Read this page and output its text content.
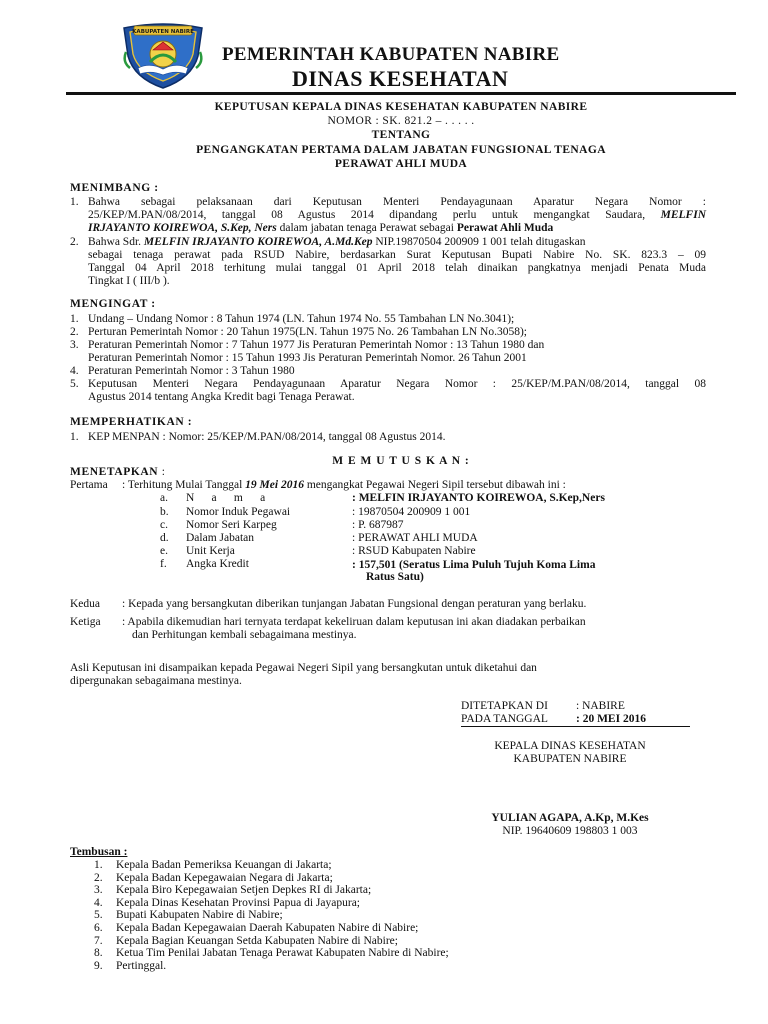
KABUPATEN NABIRE
PEMERINTAH KABUPATEN NABIRE
DINAS KESEHATAN
KEPUTUSAN KEPALA DINAS KESEHATAN KABUPATEN NABIRE
NOMOR : SK. 821.2 – . . . . .
TENTANG
PENGANGKATAN PERTAMA DALAM JABATAN FUNGSIONAL TENAGA
PERAWAT AHLI MUDA
MENIMBANG :
1. Bahwa sebagai pelaksanaan dari Keputusan Menteri Pendayagunaan Aparatur Negara Nomor :
25/KEP/M.PAN/08/2014, tanggal 08 Agustus 2014 dipandang perlu untuk mengangkat Saudara, MELFIN
IRJAYANTO KOIREWOA, S.Kep, Ners dalam jabatan tenaga Perawat sebagai Perawat Ahli Muda
2. Bahwa Sdr. MELFIN IRJAYANTO KOIREWOA, A.Md.Kep NIP.19870504 200909 1 001 telah ditugaskan
sebagai tenaga perawat pada RSUD Nabire, berdasarkan Surat Keputusan Bupati Nabire No. SK. 823.3 – 09
Tanggal 04 April 2018 terhitung mulai tanggal 01 April 2018 telah dinaikan pangkatnya menjadi Penata Muda
Tingkat I ( III/b ).
MENGINGAT :
1. Undang – Undang Nomor : 8 Tahun 1974 (LN. Tahun 1974 No. 55 Tambahan LN No.3041);
2. Perturan Pemerintah Nomor : 20 Tahun 1975(LN. Tahun 1975 No. 26 Tambahan LN No.3058);
3. Peraturan Pemerintah Nomor : 7 Tahun 1977 Jis Peraturan Pemerintah Nomor : 13 Tahun 1980 dan
Peraturan Pemerintah Nomor : 15 Tahun 1993 Jis Peraturan Pemerintah Nomor. 26 Tahun 2001
4. Peraturan Pemerintah Nomor : 3 Tahun 1980
5. Keputusan Menteri Negara Pendayagunaan Aparatur Negara Nomor : 25/KEP/M.PAN/08/2014, tanggal 08
Agustus 2014 tentang Angka Kredit bagi Tenaga Perawat.
MEMPERHATIKAN :
1. KEP MENPAN : Nomor: 25/KEP/M.PAN/08/2014, tanggal 08 Agustus 2014.
M E M U T U S K A N :
MENETAPKAN :
Pertama : Terhitung Mulai Tanggal 19 Mei 2016 mengangkat Pegawai Negeri Sipil tersebut dibawah ini :
a. N      a      m      a	: MELFIN IRJAYANTO KOIREWOA, S.Kep,Ners
b. Nomor Induk Pegawai	: 19870504 200909 1 001
c. Nomor Seri Karpeg	: P. 687987
d. Dalam Jabatan	: PERAWAT AHLI MUDA
e. Unit Kerja	: RSUD Kabupaten Nabire
f. Angka Kredit	: 157,501 (Seratus Lima Puluh Tujuh Koma Lima
Ratus Satu)
Kedua : Kepada yang bersangkutan diberikan tunjangan Jabatan Fungsional dengan peraturan yang berlaku.
Ketiga : Apabila dikemudian hari ternyata terdapat kekeliruan dalam keputusan ini akan diadakan perbaikan
dan Perhitungan kembali sebagaimana mestinya.
Asli Keputusan ini disampaikan kepada Pegawai Negeri Sipil yang bersangkutan untuk diketahui dan
dipergunakan sebagaimana mestinya.
DITETAPKAN DI : NABIRE
PADA TANGGAL : 20 MEI 2016
KEPALA DINAS KESEHATAN
KABUPATEN NABIRE
YULIAN AGAPA, A.Kp, M.Kes
NIP. 19640609 198803 1 003
Tembusan :
1. Kepala Badan Pemeriksa Keuangan di Jakarta;
2. Kepala Badan Kepegawaian Negara di Jakarta;
3. Kepala Biro Kepegawaian Setjen Depkes RI di Jakarta;
4. Kepala Dinas Kesehatan Provinsi Papua di Jayapura;
5. Bupati Kabupaten Nabire di Nabire;
6. Kepala Badan Kepegawaian Daerah Kabupaten Nabire di Nabire;
7. Kepala Bagian Keuangan Setda Kabupaten Nabire di Nabire;
8. Ketua Tim Penilai Jabatan Tenaga Perawat Kabupaten Nabire di Nabire;
9. Pertinggal.
